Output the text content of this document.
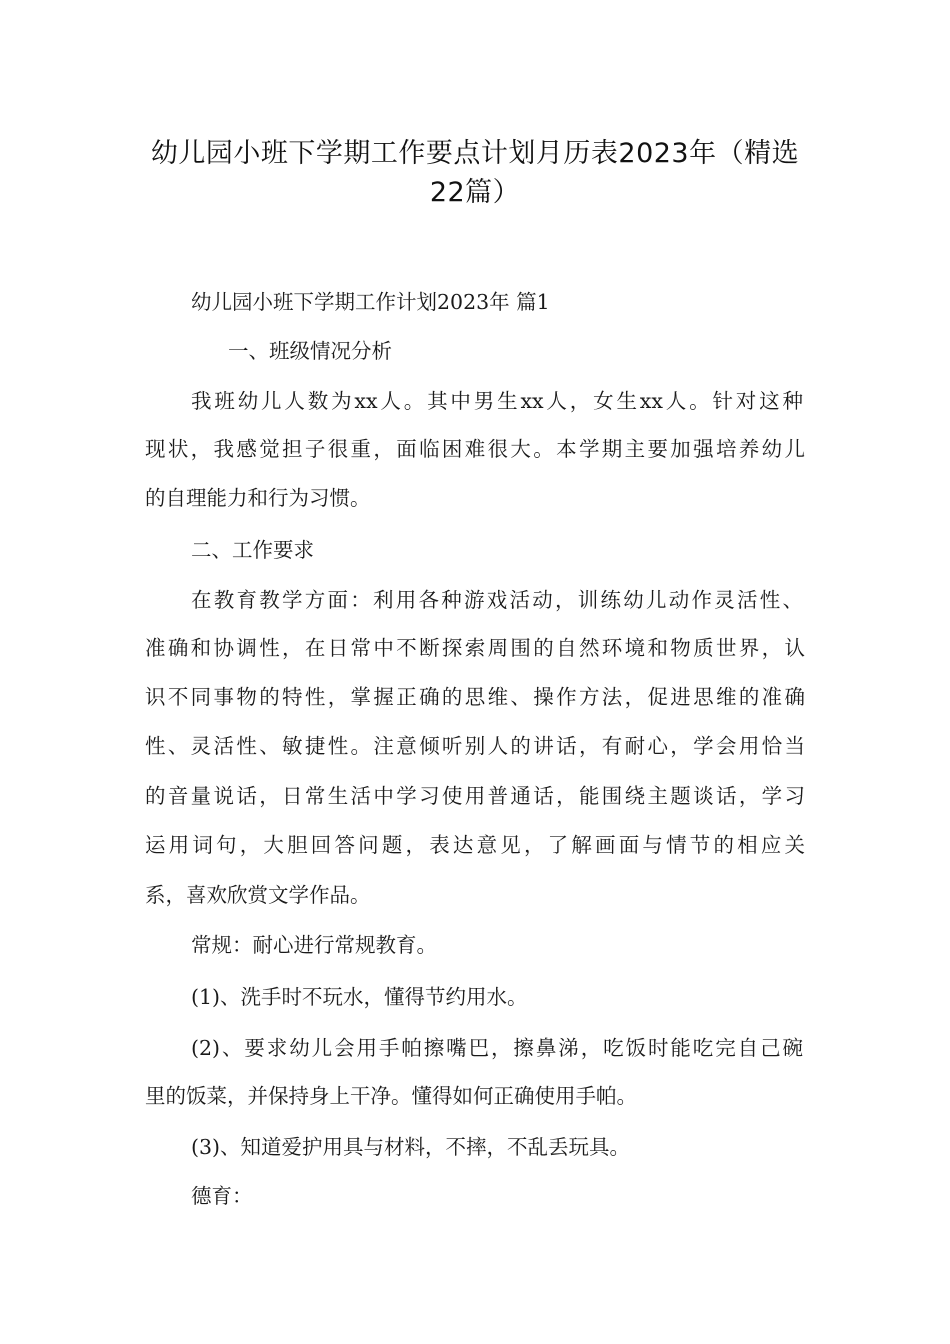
幼儿园小班下学期工作要点计划月历表2023年（精选
22篇）
幼儿园小班下学期工作计划2023年 篇1
一、班级情况分析
我班幼儿人数为xx人。其中男生xx人，女生xx人。针对这种
现状，我感觉担子很重，面临困难很大。本学期主要加强培养幼儿
的自理能力和行为习惯。
二、工作要求
在教育教学方面：利用各种游戏活动，训练幼儿动作灵活性、
准确和协调性，在日常中不断探索周围的自然环境和物质世界，认
识不同事物的特性，掌握正确的思维、操作方法，促进思维的准确
性、灵活性、敏捷性。注意倾听别人的讲话，有耐心，学会用恰当
的音量说话，日常生活中学习使用普通话，能围绕主题谈话，学习
运用词句，大胆回答问题，表达意见，了解画面与情节的相应关
系，喜欢欣赏文学作品。
常规：耐心进行常规教育。
(1)、洗手时不玩水，懂得节约用水。
(2)、要求幼儿会用手帕擦嘴巴，擦鼻涕，吃饭时能吃完自己碗
里的饭菜，并保持身上干净。懂得如何正确使用手帕。
(3)、知道爱护用具与材料，不摔，不乱丢玩具。
德育：
